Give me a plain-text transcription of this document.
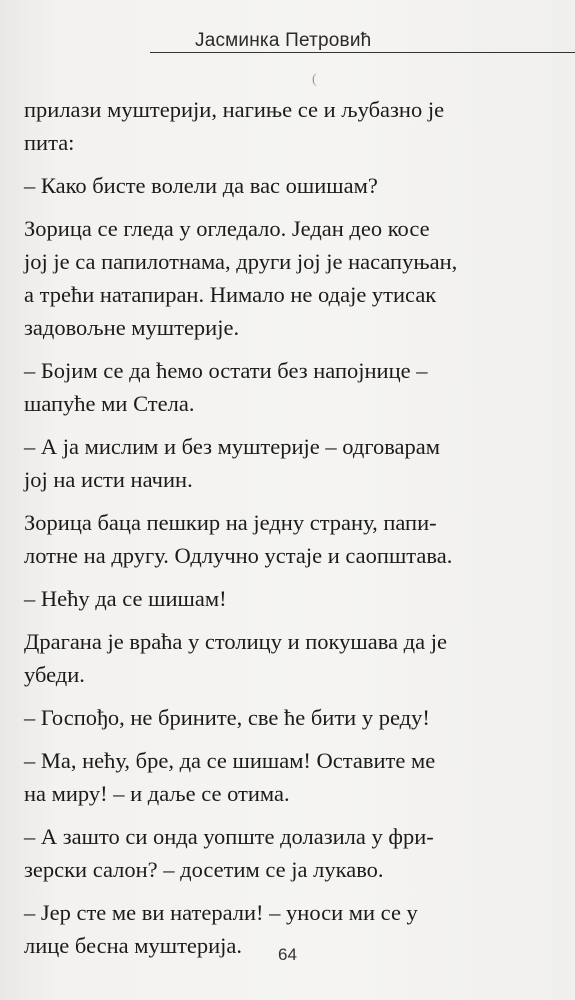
Јасминка Петровић
(
прилази муштерији, нагиње се и љубазно је
пита:
– Како бисте волели да вас ошишам?
Зорица се гледа у огледало. Један део косе
јој је са папилотнама, други јој је насапуњан,
а трећи натапиран. Нимало не одаје утисак
задовољне муштерије.
– Бојим се да ћемо остати без напојнице –
шапуће ми Стела.
– А ја мислим и без муштерије – одговарам
јој на исти начин.
Зорица баца пешкир на једну страну, папи-
лотне на другу. Одлучно устаје и саопштава.
– Нећу да се шишам!
Драгана је враћа у столицу и покушава да је
убеди.
– Госпођо, не брините, све ће бити у реду!
– Ма, нећу, бре, да се шишам! Оставите ме
на миру! – и даље се отима.
– А зашто си онда уопште долазила у фри-
зерски салон? – досетим се ја лукаво.
– Јер сте ме ви натерали! – уноси ми се у
лице бесна муштерија.	64
